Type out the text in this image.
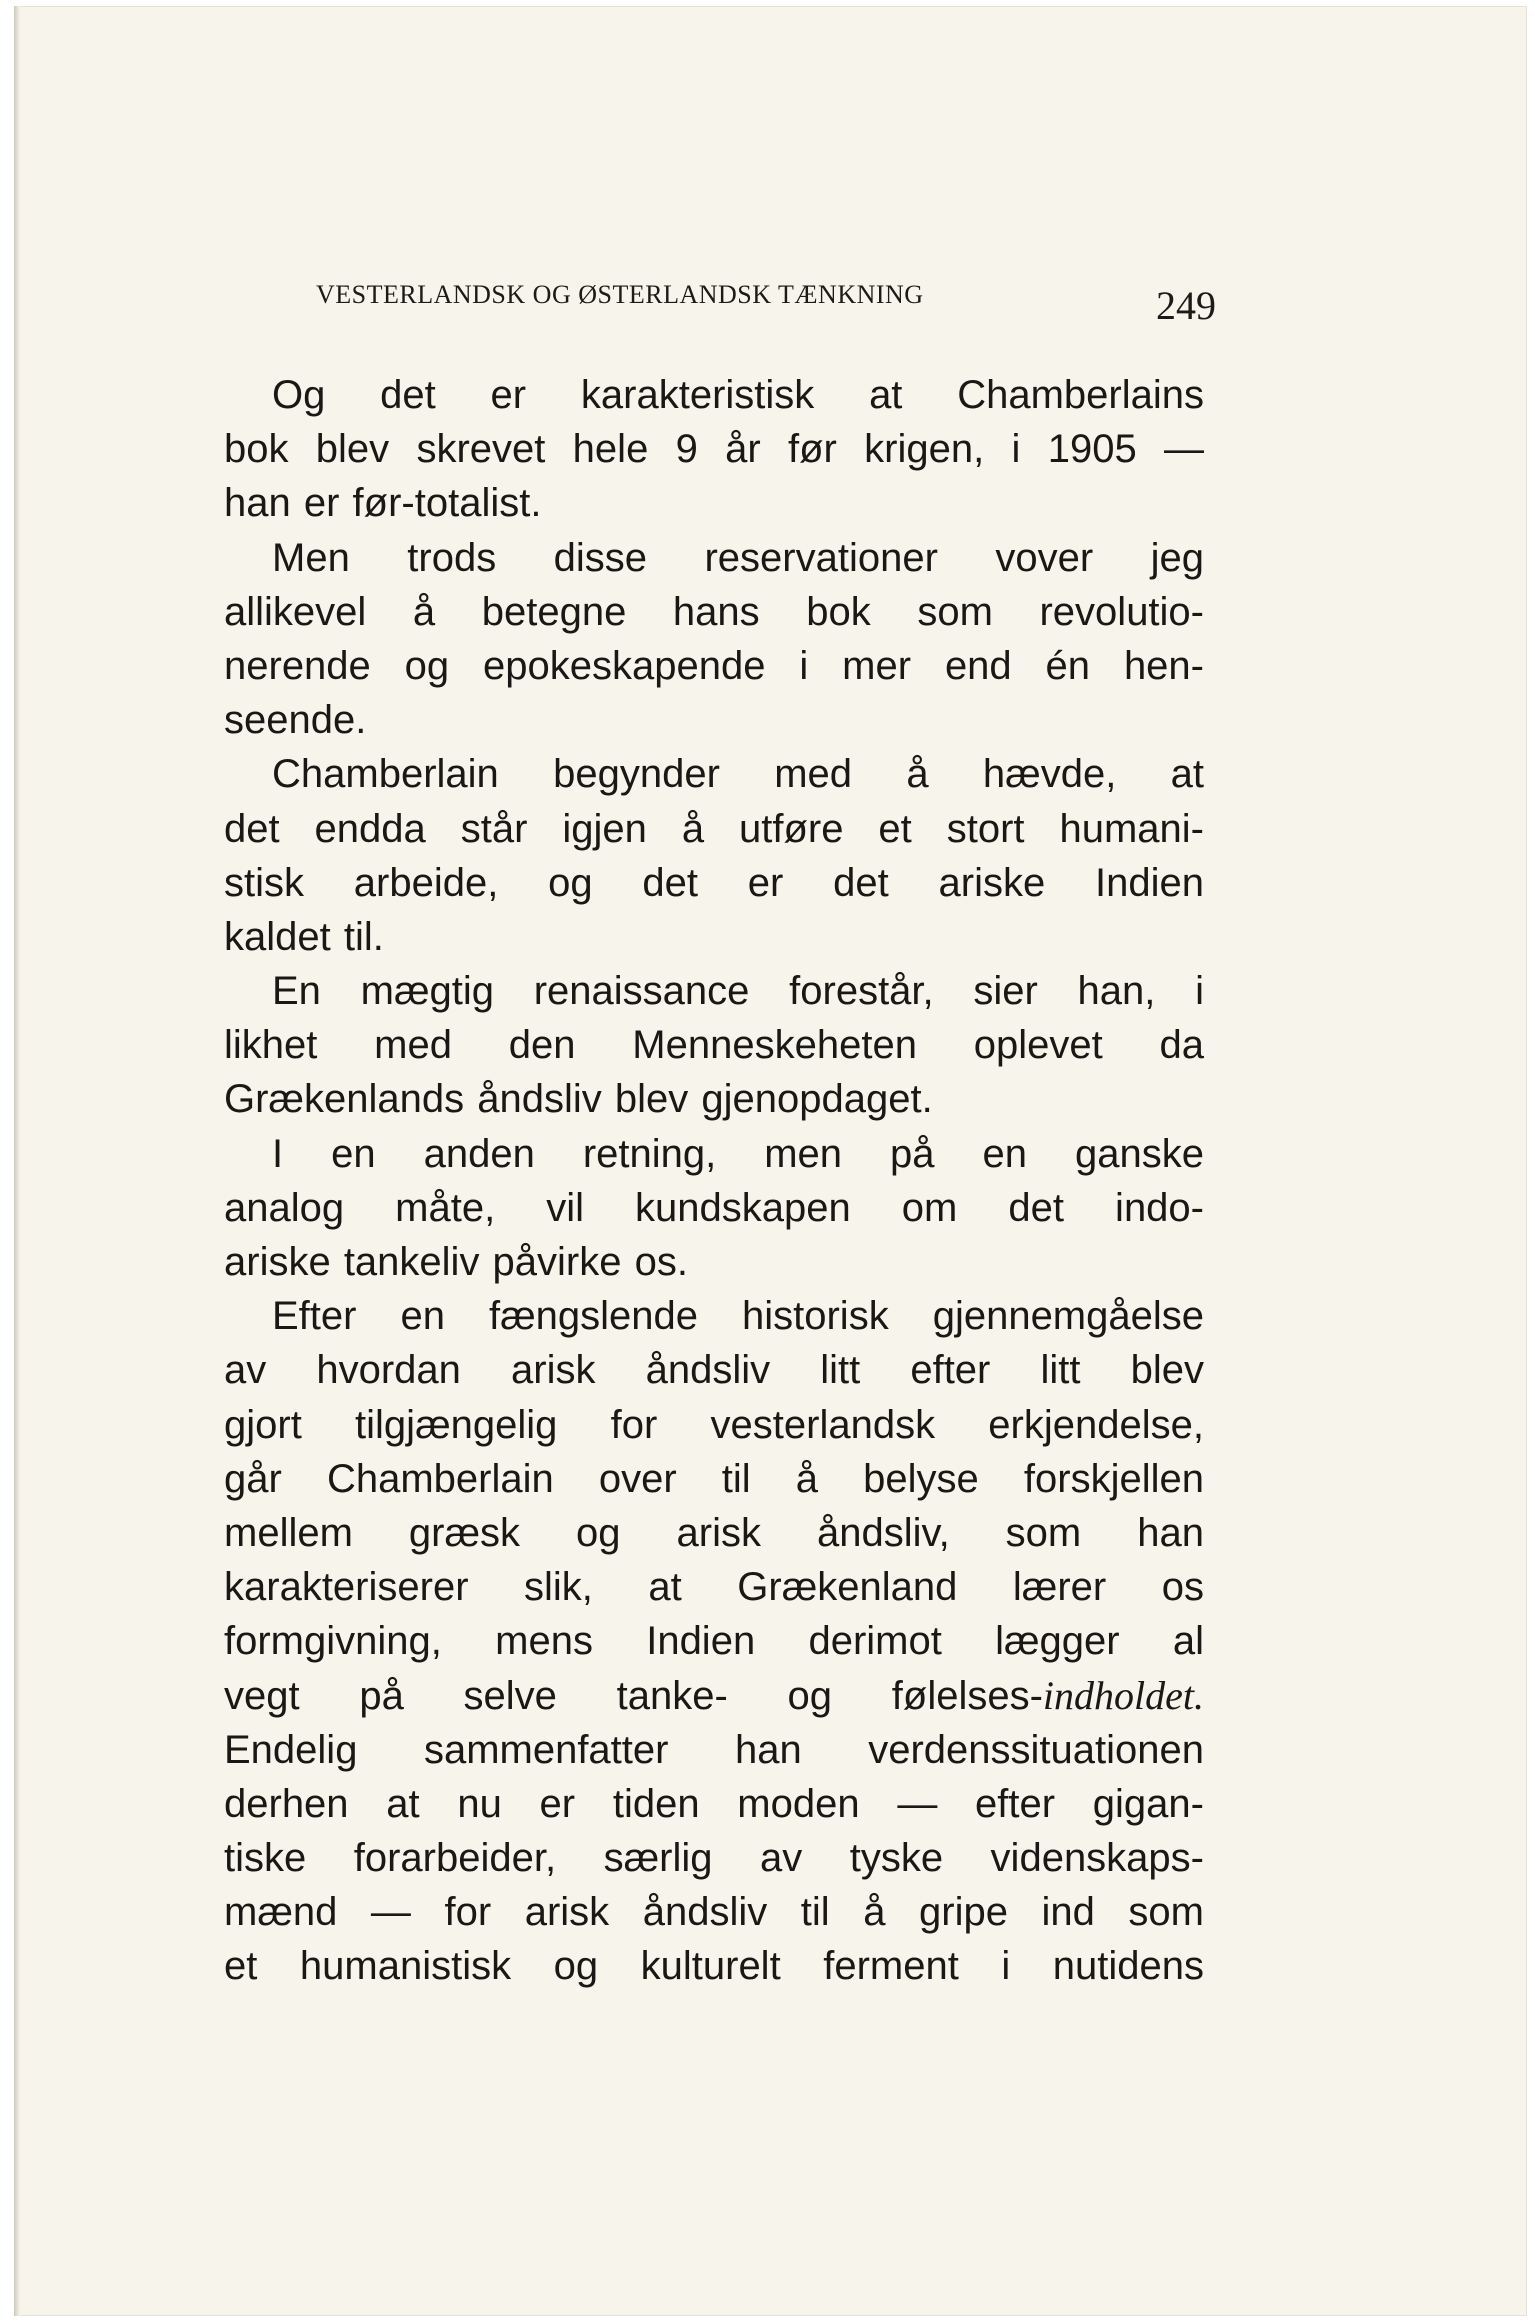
VESTERLANDSK OG ØSTERLANDSK TÆNKNING	249
Og det er karakteristisk at Chamberlains
bok blev skrevet hele 9 år før krigen, i 1905 —
han er før-totalist.
Men trods disse reservationer vover jeg
allikevel å betegne hans bok som revolutio-
nerende og epokeskapende i mer end én hen-
seende.
Chamberlain begynder med å hævde, at
det endda står igjen å utføre et stort humani-
stisk arbeide, og det er det ariske Indien
kaldet til.
En mægtig renaissance forestår, sier han, i
likhet med den Menneskeheten oplevet da
Grækenlands åndsliv blev gjenopdaget.
I en anden retning, men på en ganske
analog måte, vil kundskapen om det indo-
ariske tankeliv påvirke os.
Efter en fængslende historisk gjennemgåelse
av hvordan arisk åndsliv litt efter litt blev
gjort tilgjængelig for vesterlandsk erkjendelse,
går Chamberlain over til å belyse forskjellen
mellem græsk og arisk åndsliv, som han
karakteriserer slik, at Grækenland lærer os
formgivning, mens Indien derimot lægger al
vegt på selve tanke- og følelses-indholdet.
Endelig sammenfatter han verdenssituationen
derhen at nu er tiden moden — efter gigan-
tiske forarbeider, særlig av tyske videnskaps-
mænd — for arisk åndsliv til å gripe ind som
et humanistisk og kulturelt ferment i nutidens
